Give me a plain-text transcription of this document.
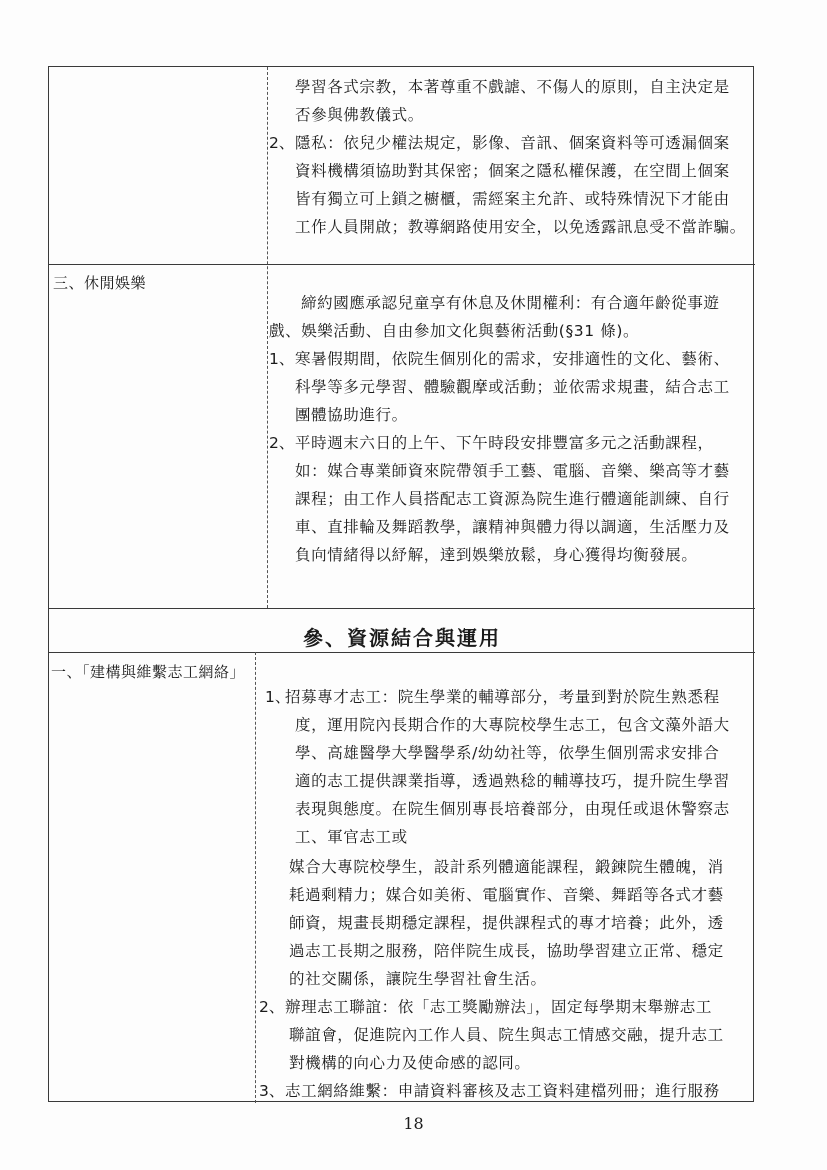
學習各式宗教，本著尊重不戲謔、不傷人的原則，自主決定是
否參與佛教儀式。
2、 隱私：依兒少權法規定，影像、音訊、個案資料等可透漏個案
資料機構須協助對其保密；個案之隱私權保護，在空間上個案
皆有獨立可上鎖之櫥櫃，需經案主允許、或特殊情況下才能由
工作人員開啟；教導網路使用安全，以免透露訊息受不當詐騙。
三、休閒娛樂
締約國應承認兒童享有休息及休閒權利：有合適年齡從事遊
戲、娛樂活動、自由參加文化與藝術活動(§31 條)。
1、 寒暑假期間，依院生個別化的需求，安排適性的文化、藝術、
科學等多元學習、體驗觀摩或活動；並依需求規畫，結合志工
團體協助進行。
2、 平時週末六日的上午、下午時段安排豐富多元之活動課程，
如：媒合專業師資來院帶領手工藝、電腦、音樂、樂高等才藝
課程；由工作人員搭配志工資源為院生進行體適能訓練、自行
車、直排輪及舞蹈教學，讓精神與體力得以調適，生活壓力及
負向情緒得以紓解，達到娛樂放鬆，身心獲得均衡發展。
參、資源結合與運用
一、「建構與維繫志工網絡」
1、
招募專才志工：院生學業的輔導部分，考量到對於院生熟悉程
度，運用院內長期合作的大專院校學生志工，包含文藻外語大
學、高雄醫學大學醫學系/幼幼社等，依學生個別需求安排合
適的志工提供課業指導，透過熟稔的輔導技巧，提升院生學習
表現與態度。在院生個別專長培養部分，由現任或退休警察志
工、軍官志工或
媒合大專院校學生，設計系列體適能課程，鍛鍊院生體魄，消
耗過剩精力；媒合如美術、電腦實作、音樂、舞蹈等各式才藝
師資，規畫長期穩定課程，提供課程式的專才培養；此外，透
過志工長期之服務，陪伴院生成長，協助學習建立正常、穩定
的社交關係，讓院生學習社會生活。
2、 辦理志工聯誼：依「志工獎勵辦法」，固定每學期末舉辦志工
聯誼會，促進院內工作人員、院生與志工情感交融，提升志工
對機構的向心力及使命感的認同。
3、 志工網絡維繫：申請資料審核及志工資料建檔列冊；進行服務
18
